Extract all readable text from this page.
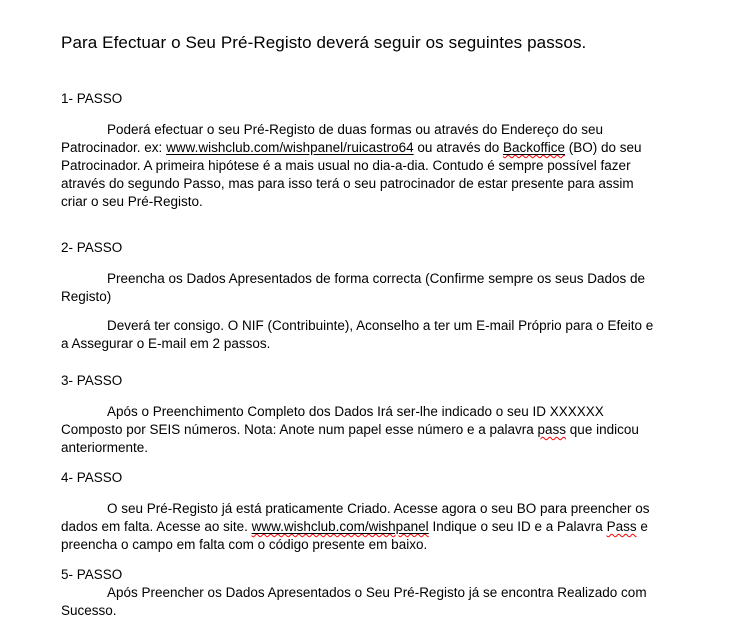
Para Efectuar o Seu Pré-Registo deverá seguir os seguintes passos.
1- PASSO
Poderá efectuar o seu Pré-Registo de duas formas ou através do Endereço do seu
Patrocinador. ex: www.wishclub.com/wishpanel/ruicastro64 ou através do Backoffice (BO) do seu
Patrocinador. A primeira hipótese é a mais usual no dia-a-dia. Contudo é sempre possível fazer
através do segundo Passo, mas para isso terá o seu patrocinador de estar presente para assim
criar o seu Pré-Registo.
2- PASSO
Preencha os Dados Apresentados de forma correcta (Confirme sempre os seus Dados de
Registo)
Deverá ter consigo. O NIF (Contribuinte), Aconselho a ter um E-mail Próprio para o Efeito e
a Assegurar o E-mail em 2 passos.
3- PASSO
Após o Preenchimento Completo dos Dados Irá ser-lhe indicado o seu ID XXXXXX
Composto por SEIS números. Nota: Anote num papel esse número e a palavra pass que indicou
anteriormente.
4- PASSO
O seu Pré-Registo já está praticamente Criado. Acesse agora o seu BO para preencher os
dados em falta. Acesse ao site. www.wishclub.com/wishpanel Indique o seu ID e a Palavra Pass e
preencha o campo em falta com o código presente em baixo.
5- PASSO
Após Preencher os Dados Apresentados o Seu Pré-Registo já se encontra Realizado com
Sucesso.
